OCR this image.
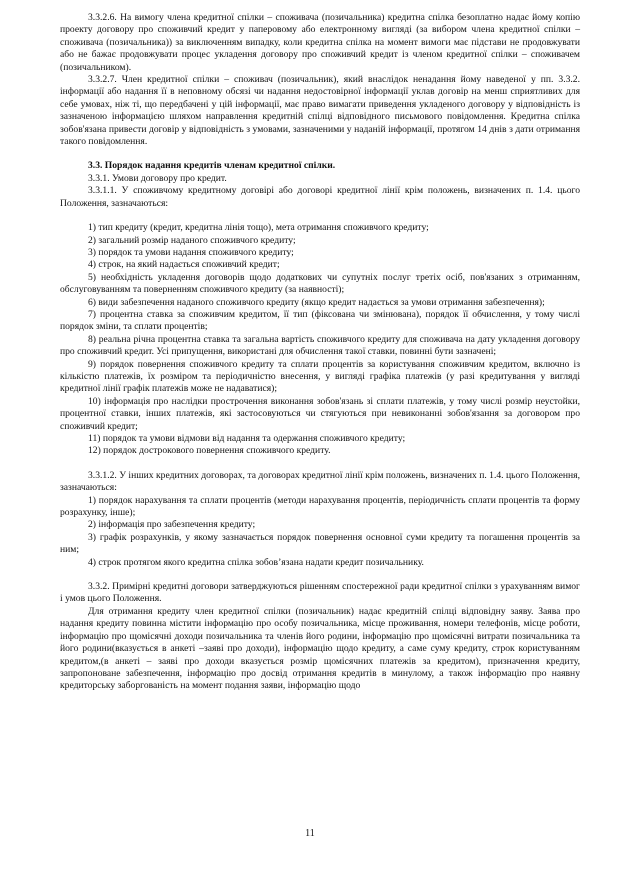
3.3.2.6. На вимогу члена кредитної спілки – споживача (позичальника) кредитна спілка безоплатно надає йому копію проекту договору про споживчий кредит у паперовому або електронному вигляді (за вибором члена кредитної спілки – споживача (позичальника)) за виключенням випадку, коли кредитна спілка на момент вимоги має підстави не продовжувати або не бажає продовжувати процес укладення договору про споживчий кредит із членом кредитної спілки – споживачем (позичальником).

3.3.2.7. Член кредитної спілки – споживач (позичальник), який внаслідок ненадання йому наведеної у пп. 3.3.2. інформації або надання її в неповному обсязі чи надання недостовірної інформації уклав договір на менш сприятливих для себе умовах, ніж ті, що передбачені у цій інформації, має право вимагати приведення укладеного договору у відповідність із зазначеною інформацією шляхом направлення кредитній спілці відповідного письмового повідомлення. Кредитна спілка зобов'язана привести договір у відповідність з умовами, зазначеними у наданій інформації, протягом 14 днів з дати отримання такого повідомлення.

3.3. Порядок надання кредитів членам кредитної спілки.

3.3.1. Умови договору про кредит.

3.3.1.1. У споживчому кредитному договірі або договорі кредитної лінії крім положень, визначених п. 1.4. цього Положення, зазначаються:

1) тип кредиту (кредит, кредитна лінія тощо), мета отримання споживчого кредиту;

2) загальний розмір наданого споживчого кредиту;

3) порядок та умови надання споживчого кредиту;

4) строк, на який надається споживчий кредит;

5) необхідність укладення договорів щодо додаткових чи супутніх послуг третіх осіб, пов'язаних з отриманням, обслуговуванням та поверненням споживчого кредиту (за наявності);

6) види забезпечення наданого споживчого кредиту (якщо кредит надається за умови отримання забезпечення);

7) процентна ставка за споживчим кредитом, її тип (фіксована чи змінювана), порядок її обчислення, у тому числі порядок зміни, та сплати процентів;

8) реальна річна процентна ставка та загальна вартість споживчого кредиту для споживача на дату укладення договору про споживчий кредит. Усі припущення, використані для обчислення такої ставки, повинні бути зазначені;

9) порядок повернення споживчого кредиту та сплати процентів за користування споживчим кредитом, включно із кількістю платежів, їх розміром та періодичністю внесення, у вигляді графіка платежів (у разі кредитування у вигляді кредитної лінії графік платежів може не надаватися);

10) інформація про наслідки прострочення виконання зобов'язань зі сплати платежів, у тому числі розмір неустойки, процентної ставки, інших платежів, які застосовуються чи стягуються при невиконанні зобов'язання за договором про споживчий кредит;

11) порядок та умови відмови від надання та одержання споживчого кредиту;

12) порядок дострокового повернення споживчого кредиту.

3.3.1.2. У інших кредитних договорах, та договорах кредитної лінії крім положень, визначених п. 1.4. цього Положення, зазначаються:

1) порядок нарахування та сплати процентів (методи нарахування процентів, періодичність сплати процентів та форму розрахунку, інше);

2) інформація про забезпечення кредиту;

3) графік розрахунків, у якому зазначається порядок повернення основної суми кредиту та погашення процентів за ним;

4) строк протягом якого кредитна спілка зобов’язана надати кредит позичальнику.

3.3.2. Примірні кредитні договори затверджуються рішенням спостережної ради кредитної спілки з урахуванням вимог і умов цього Положення.

Для отримання кредиту член кредитної спілки (позичальник) надає кредитній спілці відповідну заяву. Заява про надання кредиту повинна містити інформацію про особу позичальника, місце проживання, номери телефонів, місце роботи, інформацію про щомісячні доходи позичальника та членів його родини, інформацію про щомісячні витрати позичальника та його родини(вказується в анкеті –заяві про доходи), інформацію щодо кредиту, а саме суму кредиту, строк користуванням кредитом,(в анкеті – заяві про доходи вказується розмір щомісячних платежів за кредитом), призначення кредиту, запропоноване забезпечення, інформацію про досвід отримання кредитів в минулому, а також інформацію про наявну кредиторську заборгованість на момент подання заяви, інформацію щодо

11
